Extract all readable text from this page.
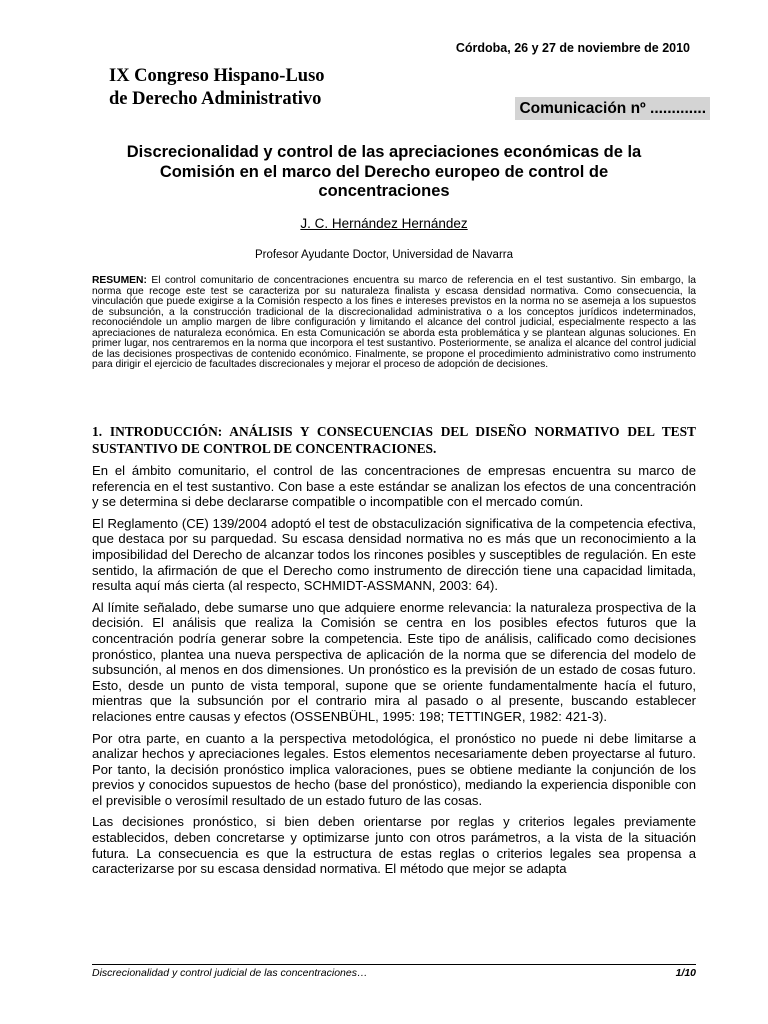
Córdoba, 26 y 27 de noviembre de 2010
IX Congreso Hispano-Luso
de Derecho Administrativo	Comunicación nº .............
Discrecionalidad y control de las apreciaciones económicas de la Comisión en el marco del Derecho europeo de control de concentraciones
J. C. Hernández Hernández
Profesor Ayudante Doctor, Universidad de Navarra

RESUMEN: El control comunitario de concentraciones encuentra su marco de referencia en el test sustantivo. Sin embargo, la norma que recoge este test se caracteriza por su naturaleza finalista y escasa densidad normativa. Como consecuencia, la vinculación que puede exigirse a la Comisión respecto a los fines e intereses previstos en la norma no se asemeja a los supuestos de subsunción, a la construcción tradicional de la discrecionalidad administrativa o a los conceptos jurídicos indeterminados, reconociéndole un amplio margen de libre configuración y limitando el alcance del control judicial, especialmente respecto a las apreciaciones de naturaleza económica. En esta Comunicación se aborda esta problemática y se plantean algunas soluciones. En primer lugar, nos centraremos en la norma que incorpora el test sustantivo. Posteriormente, se analiza el alcance del control judicial de las decisiones prospectivas de contenido económico. Finalmente, se propone el procedimiento administrativo como instrumento para dirigir el ejercicio de facultades discrecionales y mejorar el proceso de adopción de decisiones.

1. INTRODUCCIÓN: ANÁLISIS Y CONSECUENCIAS DEL DISEÑO NORMATIVO DEL TEST SUSTANTIVO DE CONTROL DE CONCENTRACIONES.

En el ámbito comunitario, el control de las concentraciones de empresas encuentra su marco de referencia en el test sustantivo. Con base a este estándar se analizan los efectos de una concentración y se determina si debe declararse compatible o incompatible con el mercado común.

El Reglamento (CE) 139/2004 adoptó el test de obstaculización significativa de la competencia efectiva, que destaca por su parquedad. Su escasa densidad normativa no es más que un reconocimiento a la imposibilidad del Derecho de alcanzar todos los rincones posibles y susceptibles de regulación. En este sentido, la afirmación de que el Derecho como instrumento de dirección tiene una capacidad limitada, resulta aquí más cierta (al respecto, SCHMIDT-ASSMANN, 2003: 64).

Al límite señalado, debe sumarse uno que adquiere enorme relevancia: la naturaleza prospectiva de la decisión. El análisis que realiza la Comisión se centra en los posibles efectos futuros que la concentración podría generar sobre la competencia. Este tipo de análisis, calificado como decisiones pronóstico, plantea una nueva perspectiva de aplicación de la norma que se diferencia del modelo de subsunción, al menos en dos dimensiones. Un pronóstico es la previsión de un estado de cosas futuro. Esto, desde un punto de vista temporal, supone que se oriente fundamentalmente hacía el futuro, mientras que la subsunción por el contrario mira al pasado o al presente, buscando establecer relaciones entre causas y efectos (OSSENBÜHL, 1995: 198; TETTINGER, 1982: 421-3).

Por otra parte, en cuanto a la perspectiva metodológica, el pronóstico no puede ni debe limitarse a analizar hechos y apreciaciones legales. Estos elementos necesariamente deben proyectarse al futuro. Por tanto, la decisión pronóstico implica valoraciones, pues se obtiene mediante la conjunción de los previos y conocidos supuestos de hecho (base del pronóstico), mediando la experiencia disponible con el previsible o verosímil resultado de un estado futuro de las cosas.

Las decisiones pronóstico, si bien deben orientarse por reglas y criterios legales previamente establecidos, deben concretarse y optimizarse junto con otros parámetros, a la vista de la situación futura. La consecuencia es que la estructura de estas reglas o criterios legales sea propensa a caracterizarse por su escasa densidad normativa. El método que mejor se adapta

Discrecionalidad y control judicial de las concentraciones…	1/10
